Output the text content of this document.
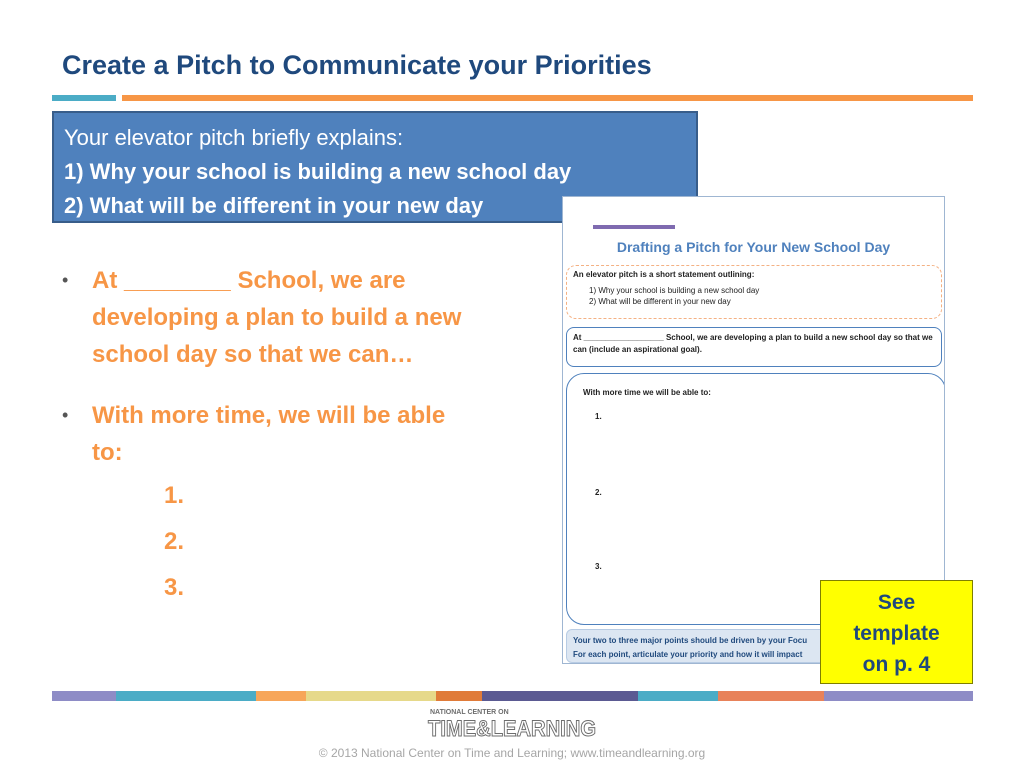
Create a Pitch to Communicate your Priorities
Your elevator pitch briefly explains:
1) Why your school is building a new school day
2) What will be different in your new day
• At ________ School, we are developing a plan to build a new school day so that we can…
• With more time, we will be able to:
1.
2.
3.
Drafting a Pitch for Your New School Day
An elevator pitch is a short statement outlining:
1) Why your school is building a new school day
2) What will be different in your new day
At __________________ School, we are developing a plan to build a new school day so that we can (include an aspirational goal).
With more time we will be able to:
1.
2.
3.
Your two to three major points should be driven by your Focu
For each point, articulate your priority and how it will impact
See
template
on p. 4
NATIONAL CENTER ON
TIME&LEARNING
© 2013 National Center on Time and Learning; www.timeandlearning.org
